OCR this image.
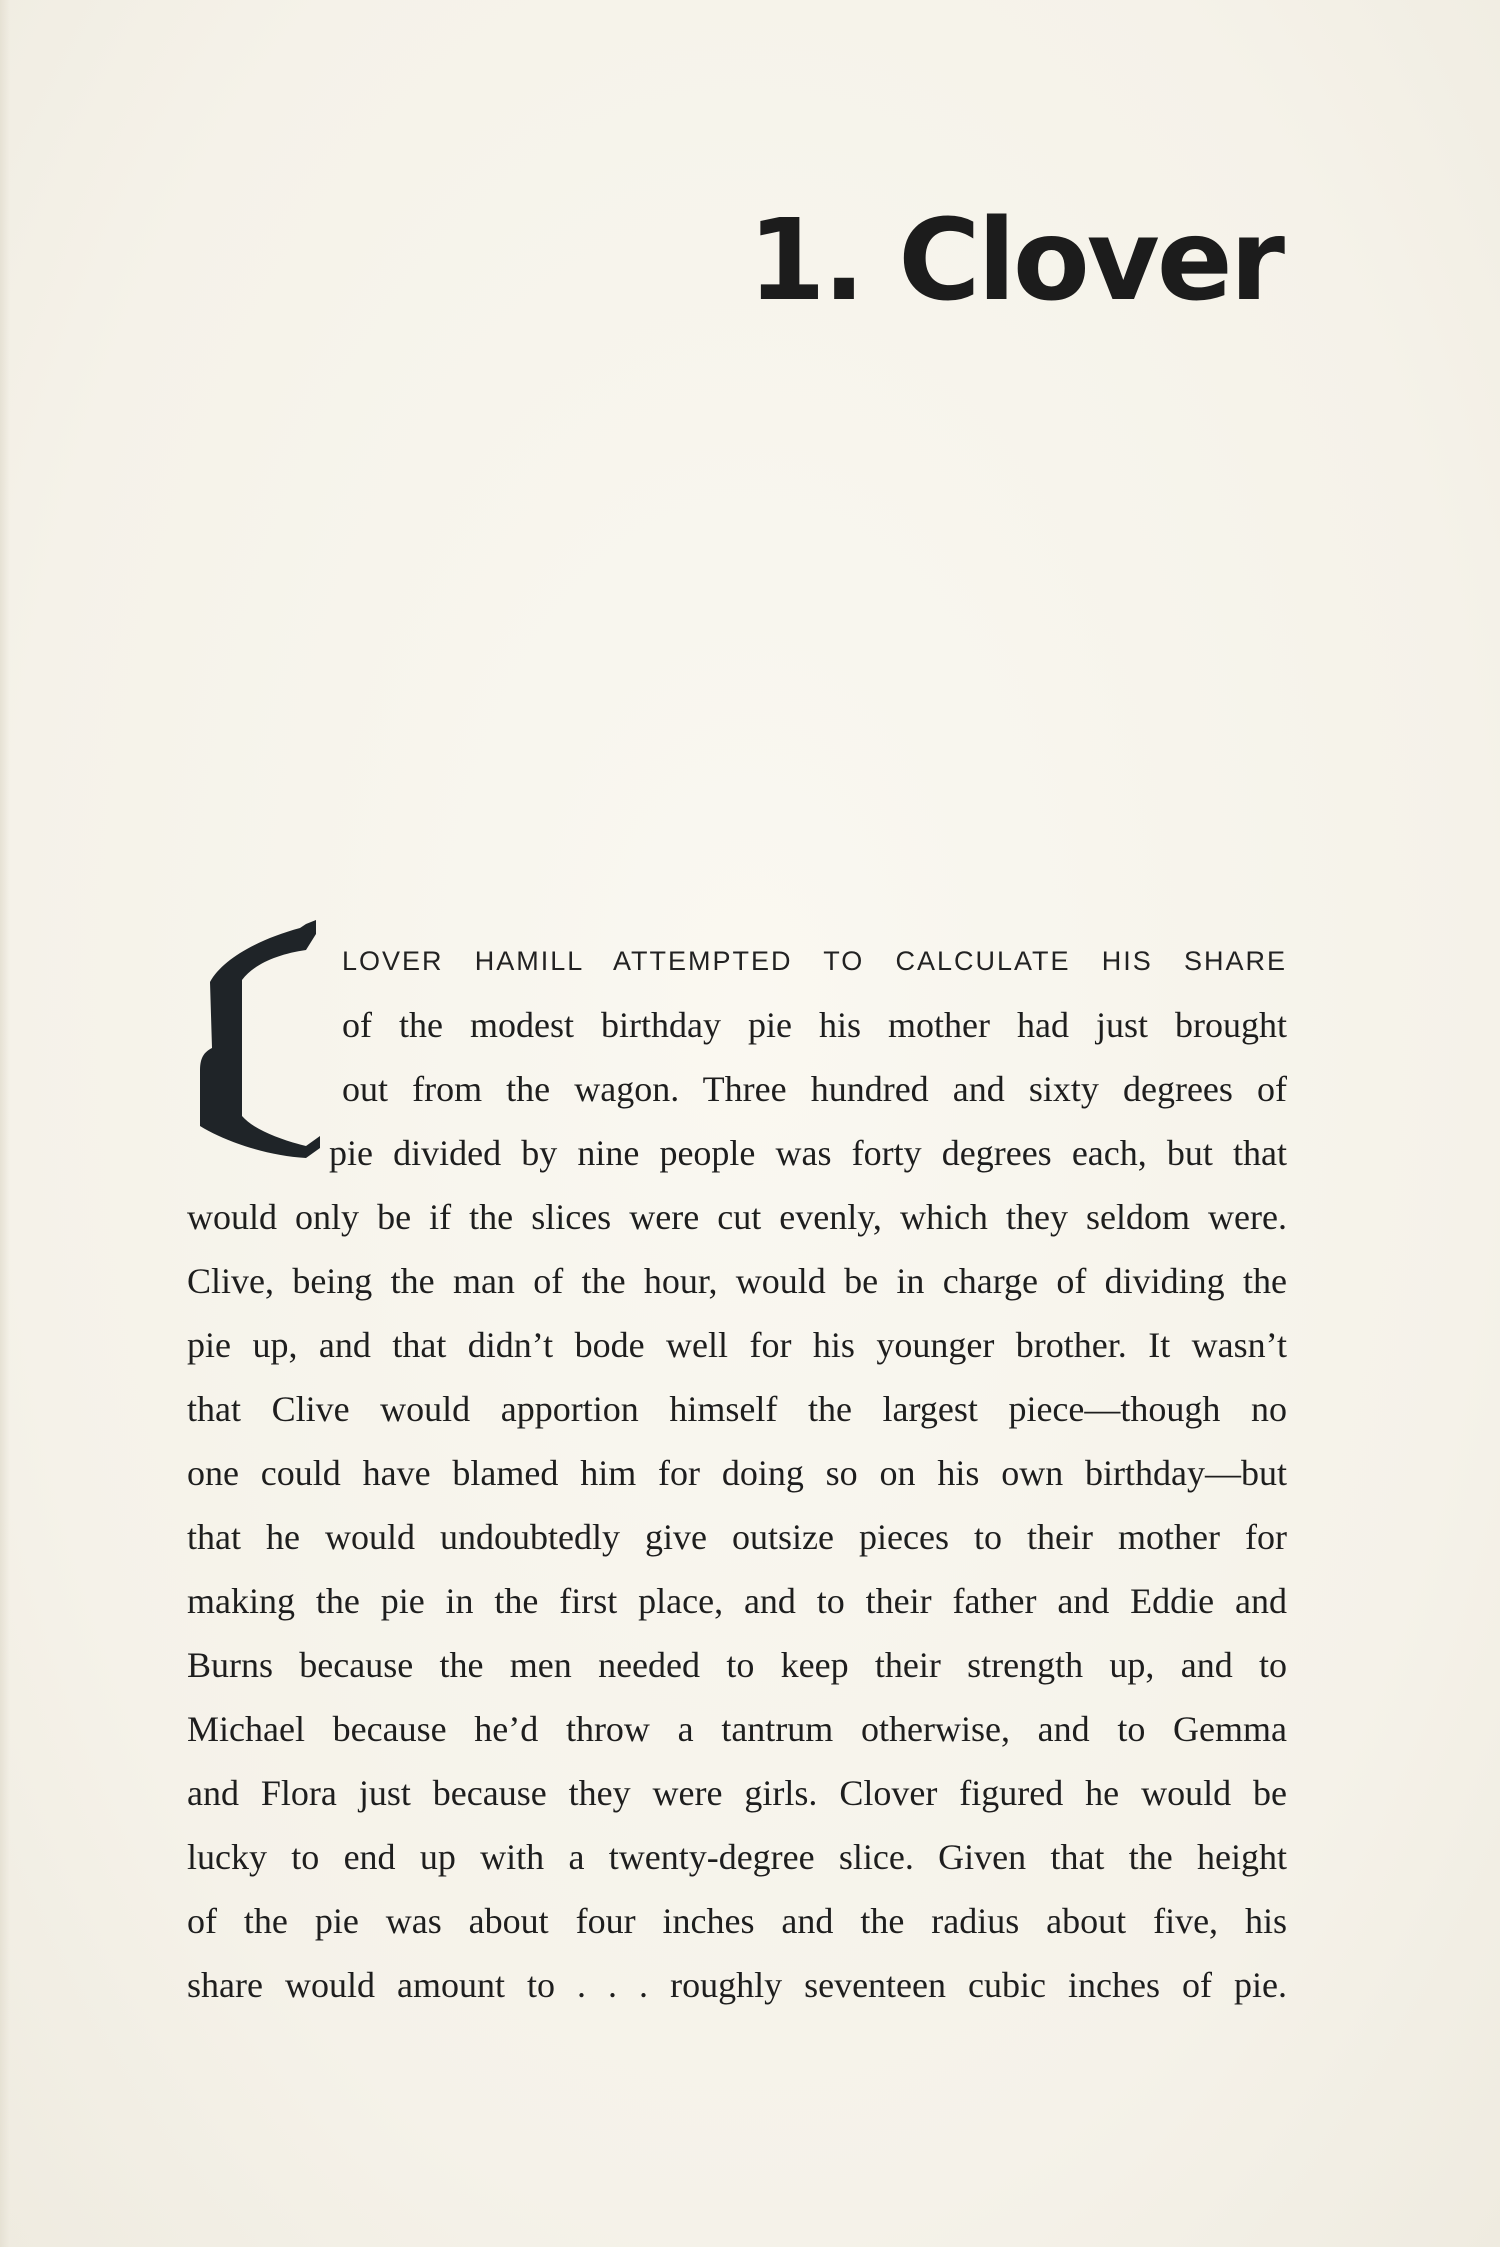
1. Clover
LOVER HAMILL ATTEMPTED TO CALCULATE HIS SHARE
of the modest birthday pie his mother had just brought
out from the wagon. Three hundred and sixty degrees of
pie divided by nine people was forty degrees each, but that
would only be if the slices were cut evenly, which they seldom were.
Clive, being the man of the hour, would be in charge of dividing the
pie up, and that didn’t bode well for his younger brother. It wasn’t
that Clive would apportion himself the largest piece—though no
one could have blamed him for doing so on his own birthday—but
that he would undoubtedly give outsize pieces to their mother for
making the pie in the first place, and to their father and Eddie and
Burns because the men needed to keep their strength up, and to
Michael because he’d throw a tantrum otherwise, and to Gemma
and Flora just because they were girls. Clover figured he would be
lucky to end up with a twenty-degree slice. Given that the height
of the pie was about four inches and the radius about five, his
share would amount to . . . roughly seventeen cubic inches of pie.
